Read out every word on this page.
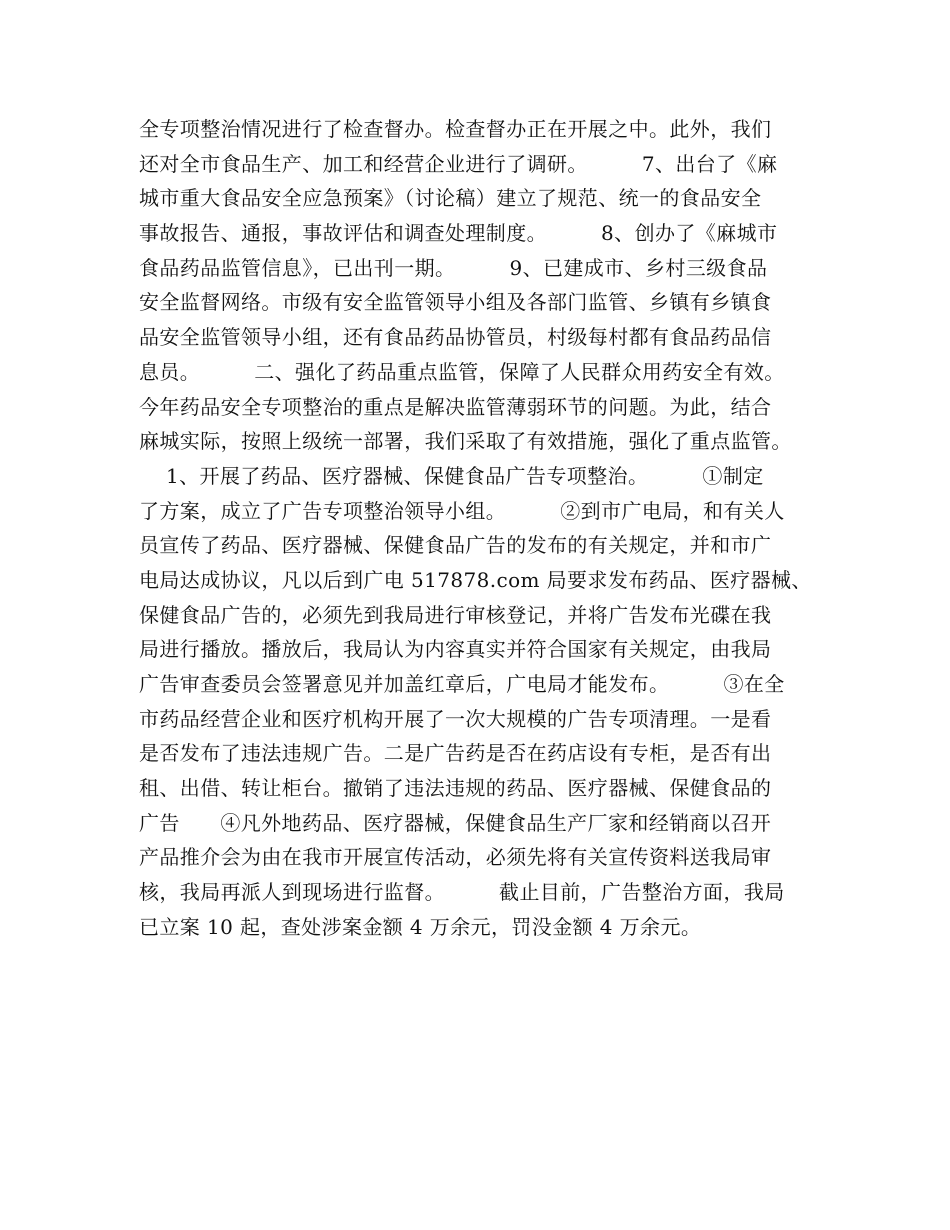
全专项整治情况进行了检查督办。检查督办正在开展之中。此外，我们
还对全市食品生产、加工和经营企业进行了调研。        7、出台了《麻
城市重大食品安全应急预案》（讨论稿）建立了规范、统一的食品安全
事故报告、通报，事故评估和调查处理制度。        8、创办了《麻城市
食品药品监管信息》，已出刊一期。        9、已建成市、乡村三级食品
安全监督网络。市级有安全监管领导小组及各部门监管、乡镇有乡镇食
品安全监管领导小组，还有食品药品协管员，村级每村都有食品药品信
息员。        二、强化了药品重点监管，保障了人民群众用药安全有效。
今年药品安全专项整治的重点是解决监管薄弱环节的问题。为此，结合
麻城实际，按照上级统一部署，我们采取了有效措施，强化了重点监管。
1、开展了药品、医疗器械、保健食品广告专项整治。        ①制定
了方案，成立了广告专项整治领导小组。        ②到市广电局，和有关人
员宣传了药品、医疗器械、保健食品广告的发布的有关规定，并和市广
电局达成协议，凡以后到广电 517878.com 局要求发布药品、医疗器械、
保健食品广告的，必须先到我局进行审核登记，并将广告发布光碟在我
局进行播放。播放后，我局认为内容真实并符合国家有关规定，由我局
广告审查委员会签署意见并加盖红章后，广电局才能发布。        ③在全
市药品经营企业和医疗机构开展了一次大规模的广告专项清理。一是看
是否发布了违法违规广告。二是广告药是否在药店设有专柜，是否有出
租、出借、转让柜台。撤销了违法违规的药品、医疗器械、保健食品的
广告      ④凡外地药品、医疗器械，保健食品生产厂家和经销商以召开
产品推介会为由在我市开展宣传活动，必须先将有关宣传资料送我局审
核，我局再派人到现场进行监督。        截止目前，广告整治方面，我局
已立案 10 起，查处涉案金额 4 万余元，罚没金额 4 万余元。
